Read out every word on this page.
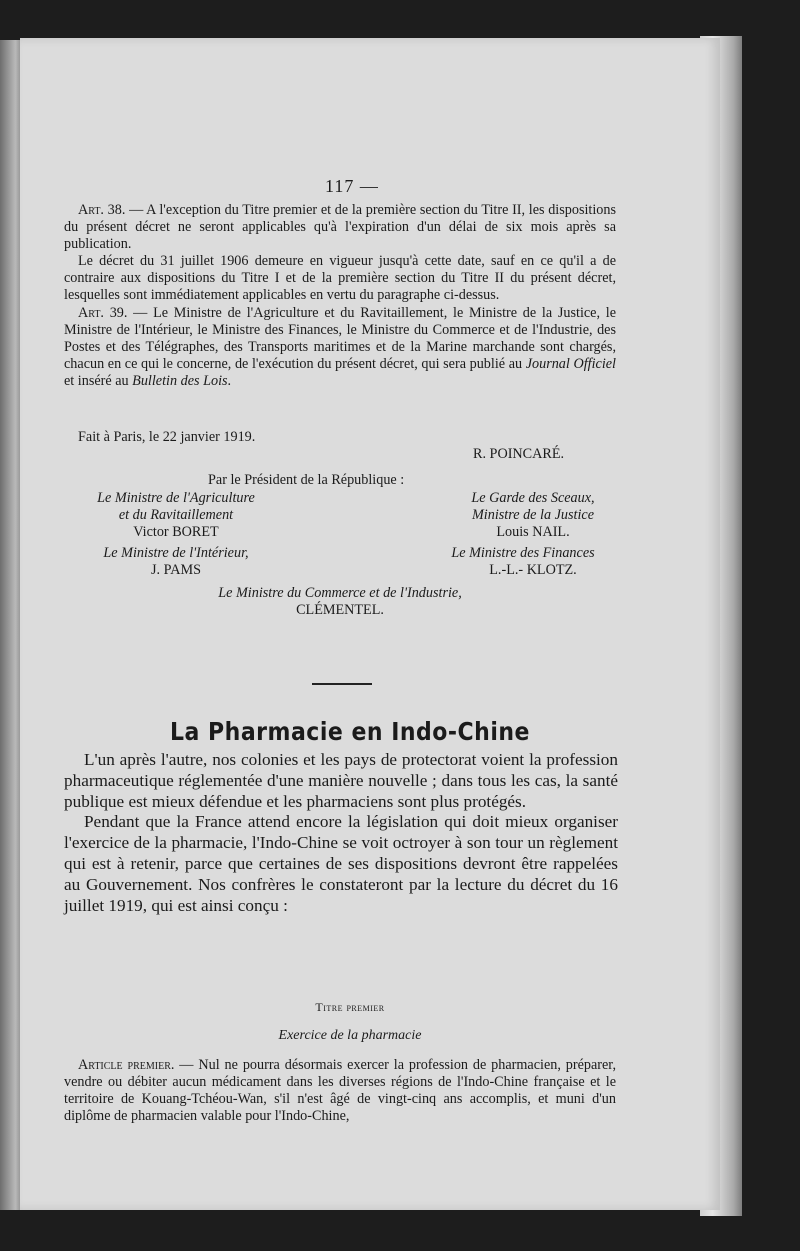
117 —

Art. 38. — A l'exception du Titre premier et de la première section du Titre II, les dispositions du présent décret ne seront applicables qu'à l'expiration d'un délai de six mois après sa publication.

Le décret du 31 juillet 1906 demeure en vigueur jusqu'à cette date, sauf en ce qu'il a de contraire aux dispositions du Titre I et de la première section du Titre II du présent décret, lesquelles sont immédiatement applicables en vertu du paragraphe ci-dessus.

Art. 39. — Le Ministre de l'Agriculture et du Ravitaillement, le Ministre de la Justice, le Ministre de l'Intérieur, le Ministre des Finances, le Ministre du Commerce et de l'Industrie, des Postes et des Télégraphes, des Transports maritimes et de la Marine marchande sont chargés, chacun en ce qui le concerne, de l'exécution du présent décret, qui sera publié au Journal Officiel et inséré au Bulletin des Lois.

Fait à Paris, le 22 janvier 1919.
R. POINCARÉ.
Par le Président de la République :
Le Ministre de l'Agriculture
et du Ravitaillement
Victor BORET
Le Garde des Sceaux,
Ministre de la Justice
Louis NAIL.
Le Ministre de l'Intérieur,
J. PAMS
Le Ministre des Finances
L.-L.- KLOTZ.
Le Ministre du Commerce et de l'Industrie,
CLÉMENTEL.
La Pharmacie en Indo-Chine

L'un après l'autre, nos colonies et les pays de protectorat voient la profession pharmaceutique réglementée d'une manière nouvelle ; dans tous les cas, la santé publique est mieux défendue et les pharmaciens sont plus protégés.

Pendant que la France attend encore la législation qui doit mieux organiser l'exercice de la pharmacie, l'Indo-Chine se voit octroyer à son tour un règlement qui est à retenir, parce que certaines de ses dispositions devront être rappelées au Gouvernement. Nos confrères le constateront par la lecture du décret du 16 juillet 1919, qui est ainsi conçu :

Titre premier
Exercice de la pharmacie

Article premier. — Nul ne pourra désormais exercer la profession de pharmacien, préparer, vendre ou débiter aucun médicament dans les diverses régions de l'Indo-Chine française et le territoire de Kouang-Tchéou-Wan, s'il n'est âgé de vingt-cinq ans accomplis, et muni d'un diplôme de pharmacien valable pour l'Indo-Chine,
